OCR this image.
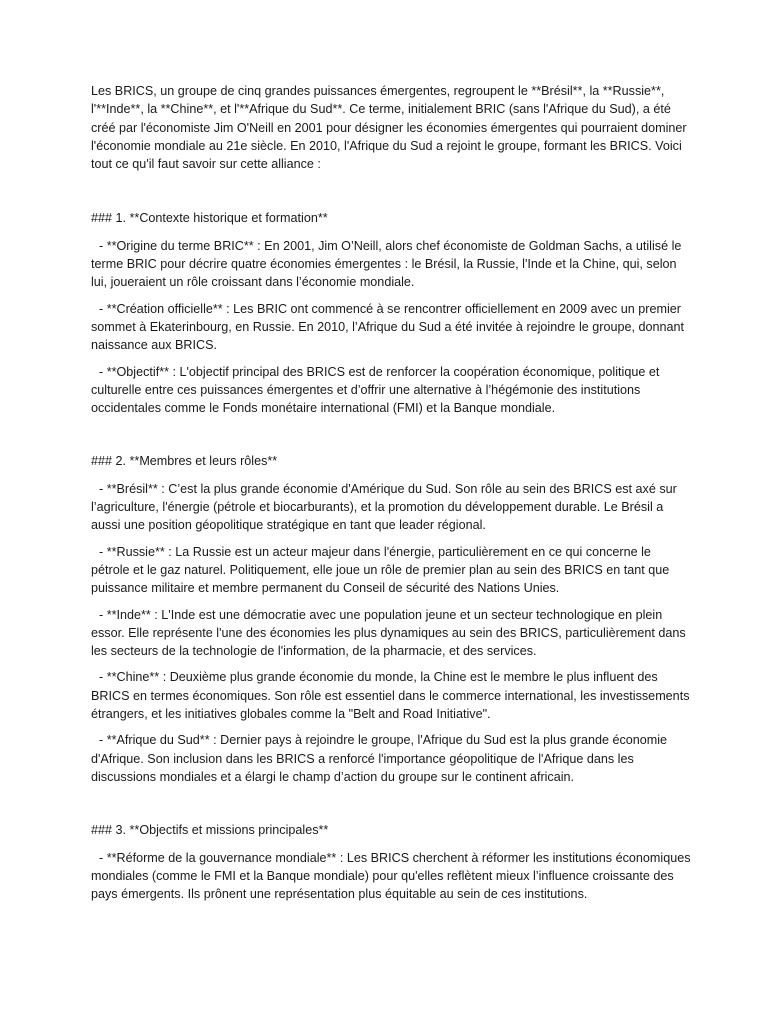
Les BRICS, un groupe de cinq grandes puissances émergentes, regroupent le **Brésil**, la **Russie**, l'**Inde**, la **Chine**, et l'**Afrique du Sud**. Ce terme, initialement BRIC (sans l'Afrique du Sud), a été créé par l'économiste Jim O'Neill en 2001 pour désigner les économies émergentes qui pourraient dominer l'économie mondiale au 21e siècle. En 2010, l'Afrique du Sud a rejoint le groupe, formant les BRICS. Voici tout ce qu'il faut savoir sur cette alliance :

### 1. **Contexte historique et formation**

- **Origine du terme BRIC** : En 2001, Jim O’Neill, alors chef économiste de Goldman Sachs, a utilisé le terme BRIC pour décrire quatre économies émergentes : le Brésil, la Russie, l'Inde et la Chine, qui, selon lui, joueraient un rôle croissant dans l’économie mondiale.

- **Création officielle** : Les BRIC ont commencé à se rencontrer officiellement en 2009 avec un premier sommet à Ekaterinbourg, en Russie. En 2010, l’Afrique du Sud a été invitée à rejoindre le groupe, donnant naissance aux BRICS.

- **Objectif** : L'objectif principal des BRICS est de renforcer la coopération économique, politique et culturelle entre ces puissances émergentes et d’offrir une alternative à l’hégémonie des institutions occidentales comme le Fonds monétaire international (FMI) et la Banque mondiale.

### 2. **Membres et leurs rôles**

- **Brésil** : C’est la plus grande économie d'Amérique du Sud. Son rôle au sein des BRICS est axé sur l’agriculture, l'énergie (pétrole et biocarburants), et la promotion du développement durable. Le Brésil a aussi une position géopolitique stratégique en tant que leader régional.

- **Russie** : La Russie est un acteur majeur dans l'énergie, particulièrement en ce qui concerne le pétrole et le gaz naturel. Politiquement, elle joue un rôle de premier plan au sein des BRICS en tant que puissance militaire et membre permanent du Conseil de sécurité des Nations Unies.

- **Inde** : L'Inde est une démocratie avec une population jeune et un secteur technologique en plein essor. Elle représente l'une des économies les plus dynamiques au sein des BRICS, particulièrement dans les secteurs de la technologie de l'information, de la pharmacie, et des services.

- **Chine** : Deuxième plus grande économie du monde, la Chine est le membre le plus influent des BRICS en termes économiques. Son rôle est essentiel dans le commerce international, les investissements étrangers, et les initiatives globales comme la "Belt and Road Initiative".

- **Afrique du Sud** : Dernier pays à rejoindre le groupe, l'Afrique du Sud est la plus grande économie d'Afrique. Son inclusion dans les BRICS a renforcé l'importance géopolitique de l'Afrique dans les discussions mondiales et a élargi le champ d’action du groupe sur le continent africain.

### 3. **Objectifs et missions principales**

- **Réforme de la gouvernance mondiale** : Les BRICS cherchent à réformer les institutions économiques mondiales (comme le FMI et la Banque mondiale) pour qu'elles reflètent mieux l’influence croissante des pays émergents. Ils prônent une représentation plus équitable au sein de ces institutions.
